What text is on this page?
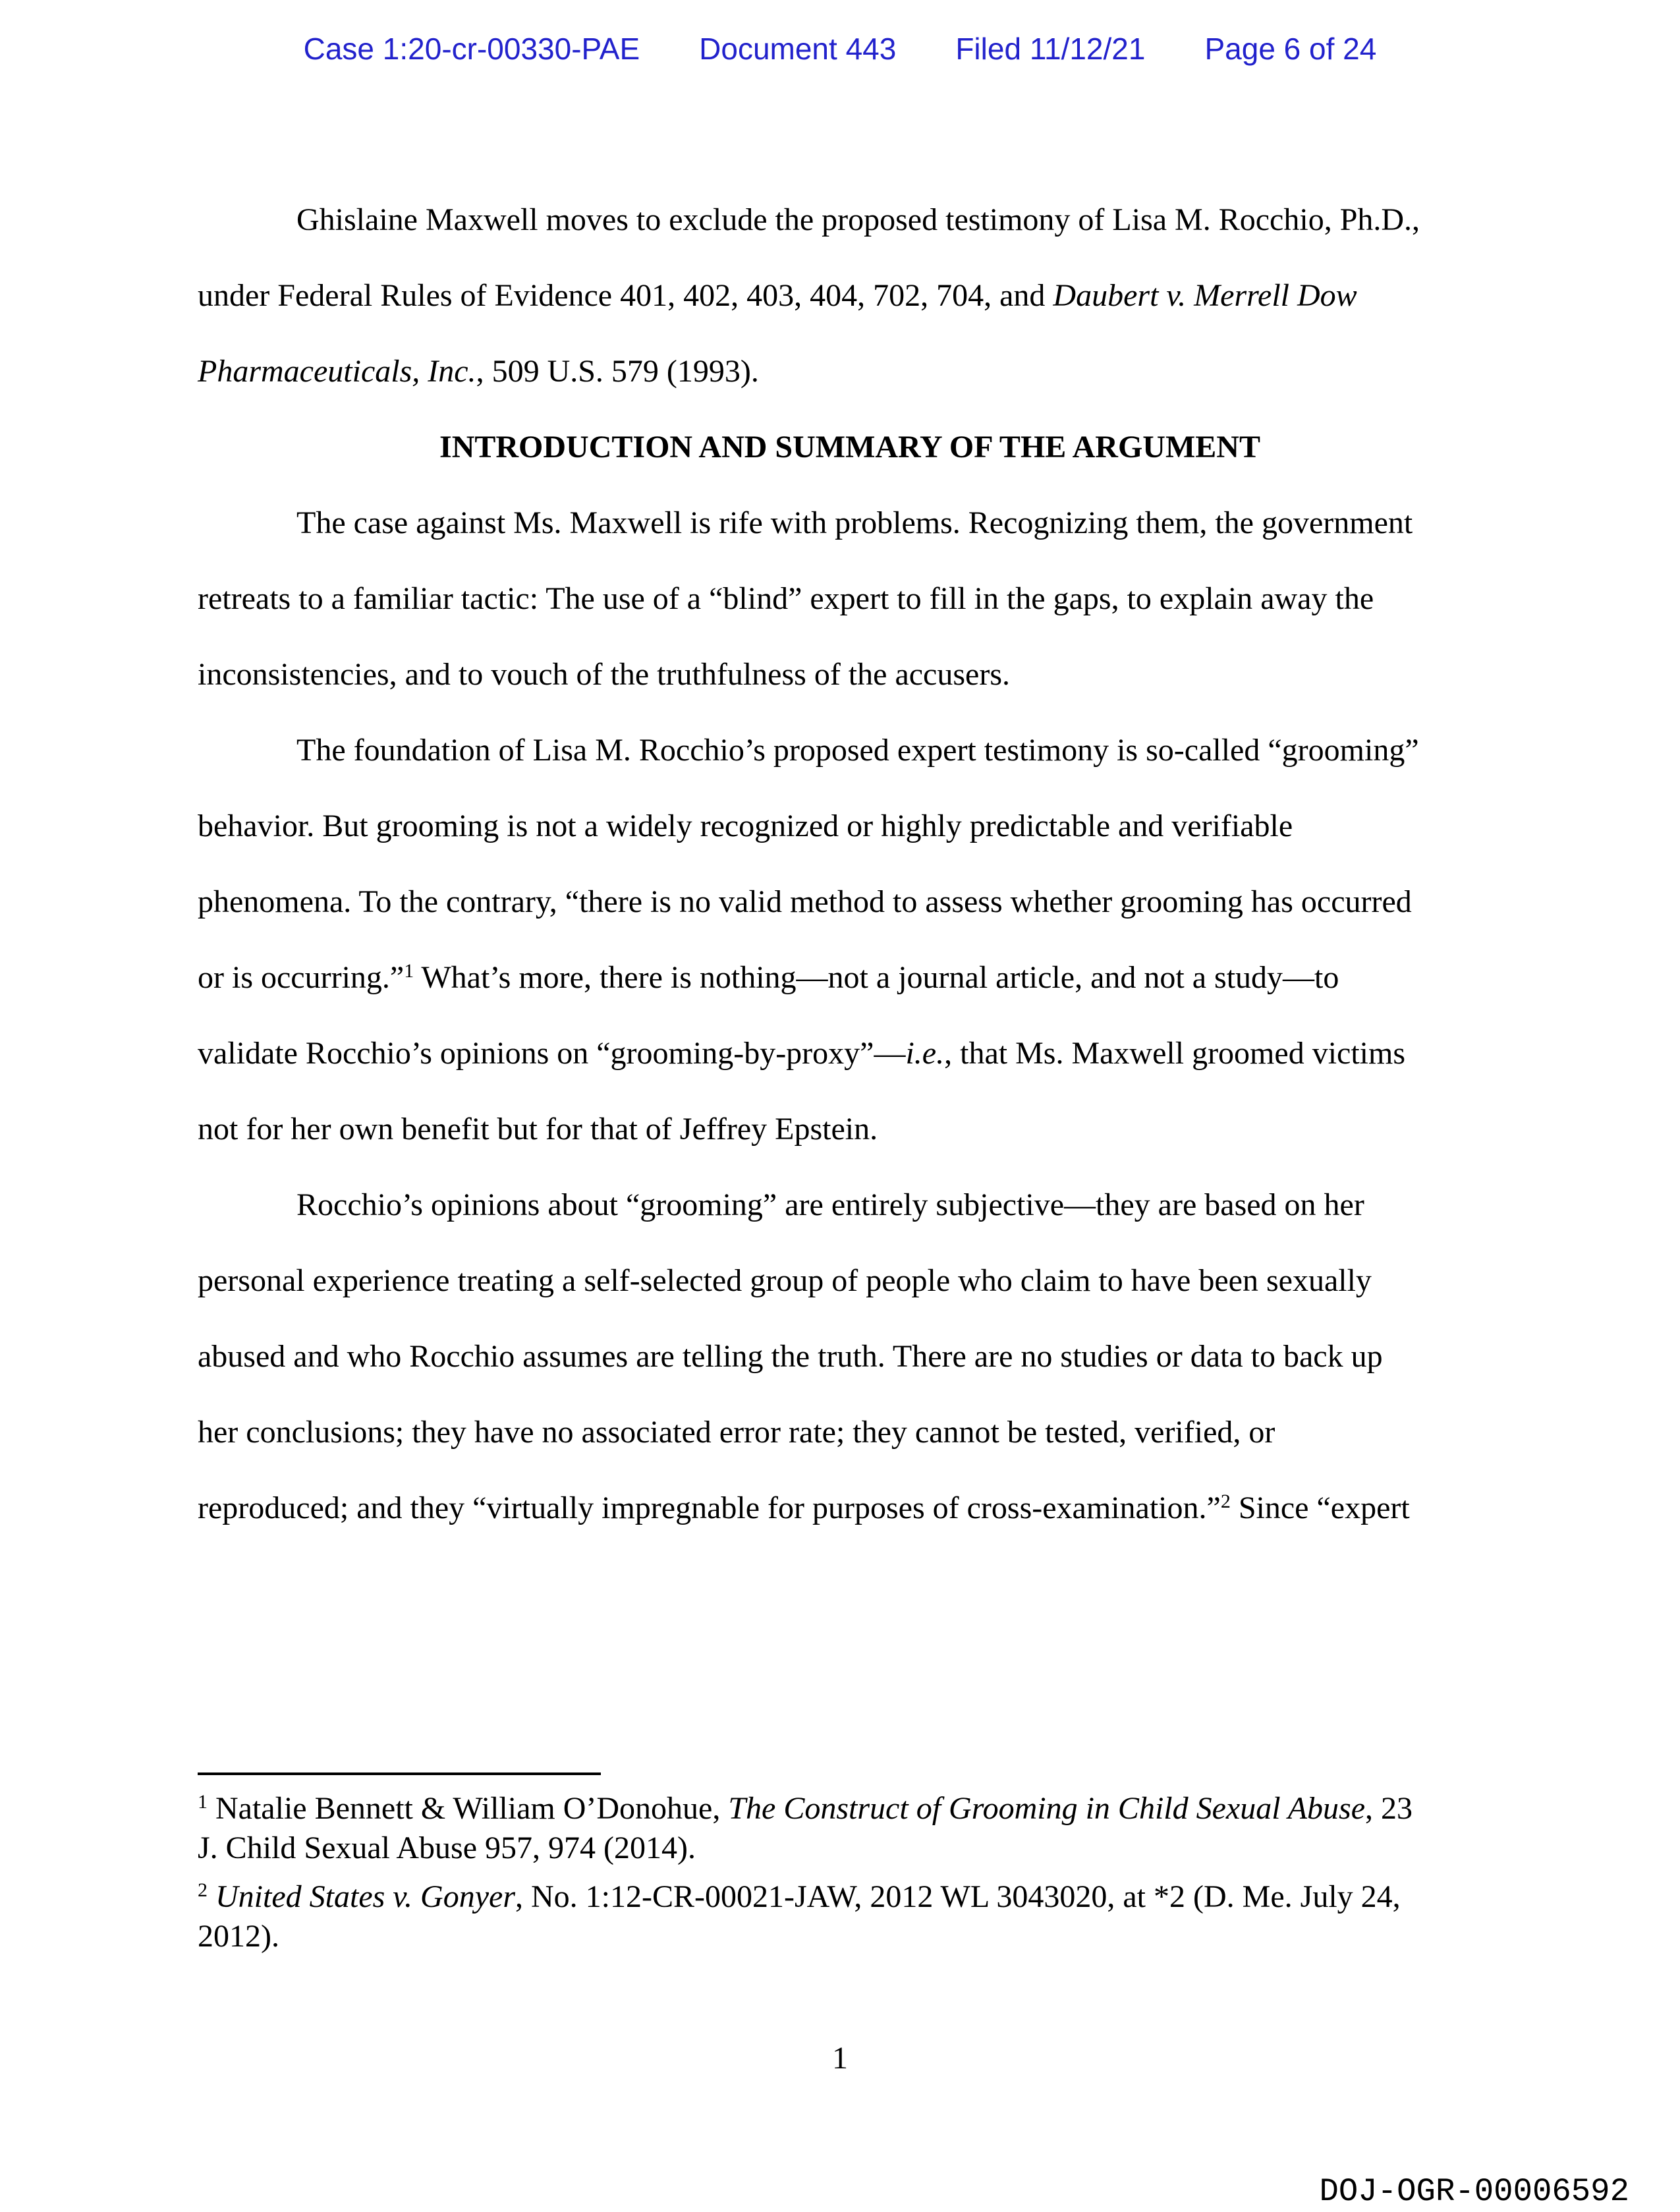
Case 1:20-cr-00330-PAE Document 443 Filed 11/12/21 Page 6 of 24
Ghislaine Maxwell moves to exclude the proposed testimony of Lisa M. Rocchio, Ph.D.,
under Federal Rules of Evidence 401, 402, 403, 404, 702, 704, and Daubert v. Merrell Dow
Pharmaceuticals, Inc., 509 U.S. 579 (1993).
INTRODUCTION AND SUMMARY OF THE ARGUMENT
The case against Ms. Maxwell is rife with problems. Recognizing them, the government
retreats to a familiar tactic: The use of a “blind” expert to fill in the gaps, to explain away the
inconsistencies, and to vouch of the truthfulness of the accusers.
The foundation of Lisa M. Rocchio’s proposed expert testimony is so-called “grooming”
behavior. But grooming is not a widely recognized or highly predictable and verifiable
phenomena. To the contrary, “there is no valid method to assess whether grooming has occurred
or is occurring.”$^1$ What’s more, there is nothing—not a journal article, and not a study—to
validate Rocchio’s opinions on “grooming-by-proxy”—i.e., that Ms. Maxwell groomed victims
not for her own benefit but for that of Jeffrey Epstein.
Rocchio’s opinions about “grooming” are entirely subjective—they are based on her
personal experience treating a self-selected group of people who claim to have been sexually
abused and who Rocchio assumes are telling the truth. There are no studies or data to back up
her conclusions; they have no associated error rate; they cannot be tested, verified, or
reproduced; and they “virtually impregnable for purposes of cross-examination.”$^2$ Since “expert
$^1$ Natalie Bennett & William O’Donohue, The Construct of Grooming in Child Sexual Abuse, 23
J. Child Sexual Abuse 957, 974 (2014).
$^2$ United States v. Gonyer, No. 1:12-CR-00021-JAW, 2012 WL 3043020, at *2 (D. Me. July 24,
2012).
1
DOJ-OGR-00006592
